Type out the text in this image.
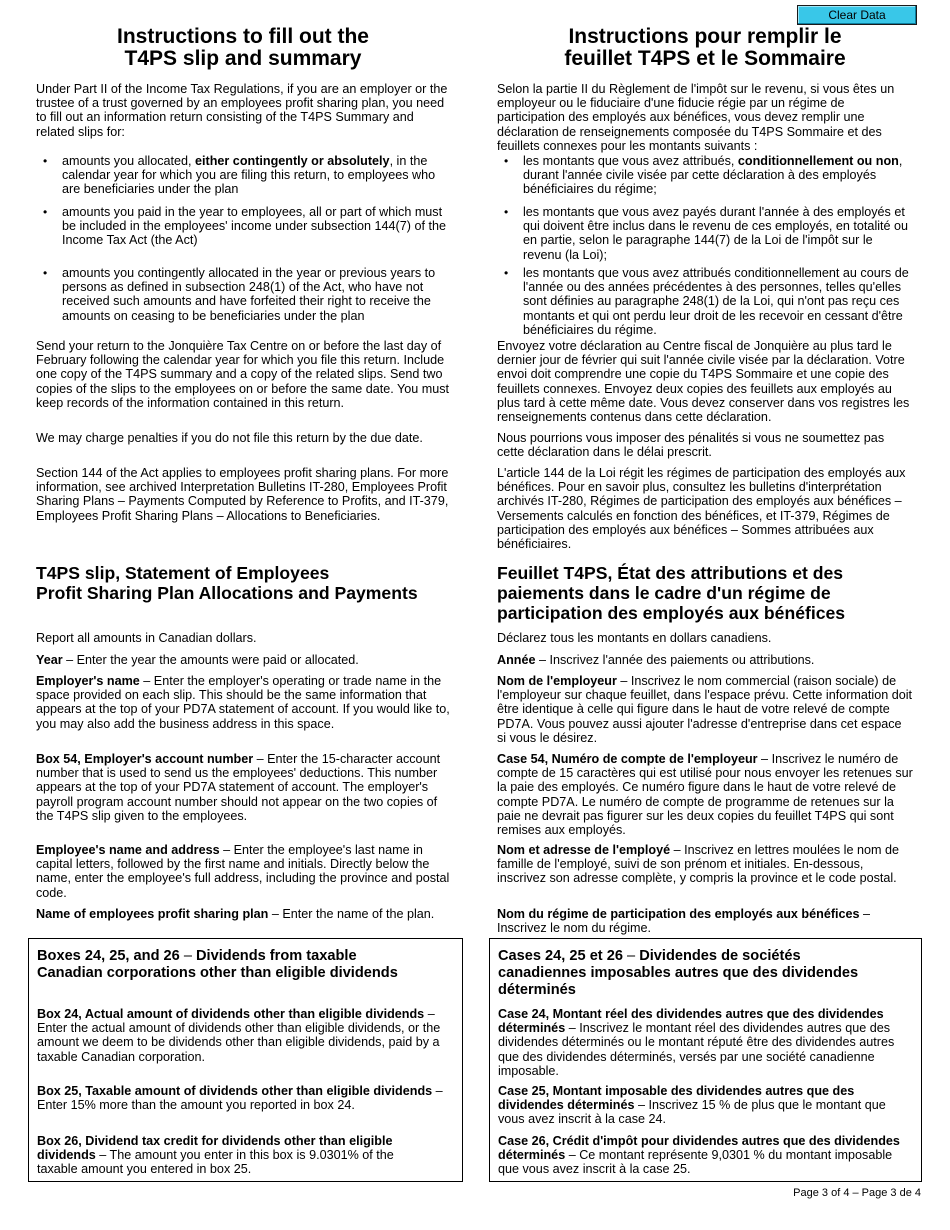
Clear Data
Instructions to fill out the
T4PS slip and summary

Under Part II of the Income Tax Regulations, if you are an employer or the trustee of a trust governed by an employees profit sharing plan, you need to fill out an information return consisting of the T4PS Summary and related slips for:

• amounts you allocated, either contingently or absolutely, in the calendar year for which you are filing this return, to employees who are beneficiaries under the plan
• amounts you paid in the year to employees, all or part of which must be included in the employees' income under subsection 144(7) of the Income Tax Act (the Act)
• amounts you contingently allocated in the year or previous years to persons as defined in subsection 248(1) of the Act, who have not received such amounts and have forfeited their right to receive the amounts on ceasing to be beneficiaries under the plan

Send your return to the Jonquière Tax Centre on or before the last day of February following the calendar year for which you file this return. Include one copy of the T4PS summary and a copy of the related slips. Send two copies of the slips to the employees on or before the same date. You must keep records of the information contained in this return.

We may charge penalties if you do not file this return by the due date.

Section 144 of the Act applies to employees profit sharing plans. For more information, see archived Interpretation Bulletins IT-280, Employees Profit Sharing Plans – Payments Computed by Reference to Profits, and IT-379, Employees Profit Sharing Plans – Allocations to Beneficiaries.

T4PS slip, Statement of Employees
Profit Sharing Plan Allocations and Payments

Report all amounts in Canadian dollars.

Year – Enter the year the amounts were paid or allocated.

Employer's name – Enter the employer's operating or trade name in the space provided on each slip. This should be the same information that appears at the top of your PD7A statement of account. If you would like to, you may also add the business address in this space.

Box 54, Employer's account number – Enter the 15-character account number that is used to send us the employees' deductions. This number appears at the top of your PD7A statement of account. The employer's payroll program account number should not appear on the two copies of the T4PS slip given to the employees.

Employee's name and address – Enter the employee's last name in capital letters, followed by the first name and initials. Directly below the name, enter the employee's full address, including the province and postal code.

Name of employees profit sharing plan – Enter the name of the plan.

Boxes 24, 25, and 26 – Dividends from taxable
Canadian corporations other than eligible dividends

Box 24, Actual amount of dividends other than eligible dividends – Enter the actual amount of dividends other than eligible dividends, or the amount we deem to be dividends other than eligible dividends, paid by a taxable Canadian corporation.

Box 25, Taxable amount of dividends other than eligible dividends – Enter 15% more than the amount you reported in box 24.

Box 26, Dividend tax credit for dividends other than eligible dividends – The amount you enter in this box is 9.0301% of the taxable amount you entered in box 25.

Instructions pour remplir le
feuillet T4PS et le Sommaire

Selon la partie II du Règlement de l'impôt sur le revenu, si vous êtes un employeur ou le fiduciaire d'une fiducie régie par un régime de participation des employés aux bénéfices, vous devez remplir une déclaration de renseignements composée du T4PS Sommaire et des feuillets connexes pour les montants suivants :

• les montants que vous avez attribués, conditionnellement ou non, durant l'année civile visée par cette déclaration à des employés bénéficiaires du régime;
• les montants que vous avez payés durant l'année à des employés et qui doivent être inclus dans le revenu de ces employés, en totalité ou en partie, selon le paragraphe 144(7) de la Loi de l'impôt sur le revenu (la Loi);
• les montants que vous avez attribués conditionnellement au cours de l'année ou des années précédentes à des personnes, telles qu'elles sont définies au paragraphe 248(1) de la Loi, qui n'ont pas reçu ces montants et qui ont perdu leur droit de les recevoir en cessant d'être bénéficiaires du régime.

Envoyez votre déclaration au Centre fiscal de Jonquière au plus tard le dernier jour de février qui suit l'année civile visée par la déclaration. Votre envoi doit comprendre une copie du T4PS Sommaire et une copie des feuillets connexes. Envoyez deux copies des feuillets aux employés au plus tard à cette même date. Vous devez conserver dans vos registres les renseignements contenus dans cette déclaration.

Nous pourrions vous imposer des pénalités si vous ne soumettez pas cette déclaration dans le délai prescrit.

L'article 144 de la Loi régit les régimes de participation des employés aux bénéfices. Pour en savoir plus, consultez les bulletins d'interprétation archivés IT-280, Régimes de participation des employés aux bénéfices – Versements calculés en fonction des bénéfices, et IT-379, Régimes de participation des employés aux bénéfices – Sommes attribuées aux bénéficiaires.

Feuillet T4PS, État des attributions et des
paiements dans le cadre d'un régime de
participation des employés aux bénéfices

Déclarez tous les montants en dollars canadiens.

Année – Inscrivez l'année des paiements ou attributions.

Nom de l'employeur – Inscrivez le nom commercial (raison sociale) de l'employeur sur chaque feuillet, dans l'espace prévu. Cette information doit être identique à celle qui figure dans le haut de votre relevé de compte PD7A. Vous pouvez aussi ajouter l'adresse d'entreprise dans cet espace si vous le désirez.

Case 54, Numéro de compte de l'employeur – Inscrivez le numéro de compte de 15 caractères qui est utilisé pour nous envoyer les retenues sur la paie des employés. Ce numéro figure dans le haut de votre relevé de compte PD7A. Le numéro de compte de programme de retenues sur la paie ne devrait pas figurer sur les deux copies du feuillet T4PS qui sont remises aux employés.

Nom et adresse de l'employé – Inscrivez en lettres moulées le nom de famille de l'employé, suivi de son prénom et initiales. En-dessous, inscrivez son adresse complète, y compris la province et le code postal.

Nom du régime de participation des employés aux bénéfices – Inscrivez le nom du régime.

Cases 24, 25 et 26 – Dividendes de sociétés
canadiennes imposables autres que des dividendes
déterminés

Case 24, Montant réel des dividendes autres que des dividendes déterminés – Inscrivez le montant réel des dividendes autres que des dividendes déterminés ou le montant réputé être des dividendes autres que des dividendes déterminés, versés par une société canadienne imposable.

Case 25, Montant imposable des dividendes autres que des dividendes déterminés – Inscrivez 15 % de plus que le montant que vous avez inscrit à la case 24.

Case 26, Crédit d'impôt pour dividendes autres que des dividendes déterminés – Ce montant représente 9,0301 % du montant imposable que vous avez inscrit à la case 25.

Page 3 of 4 – Page 3 de 4
